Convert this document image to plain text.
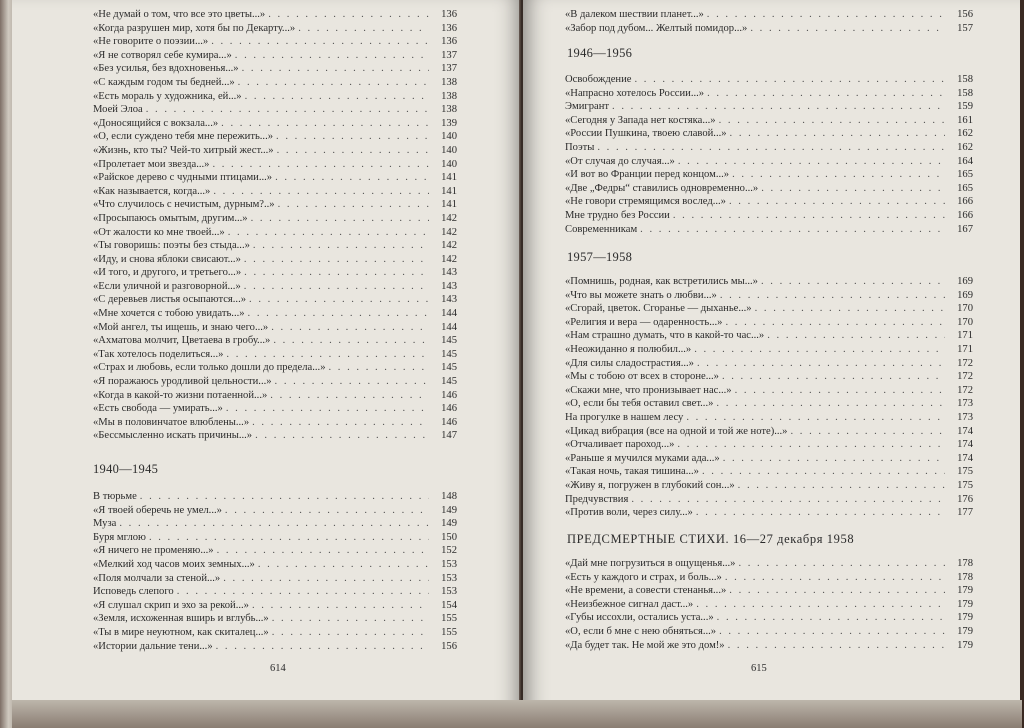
«Не думай о том, что все это цветы...» . . .	136
«Когда разрушен мир, хотя бы по Декарту...» . . .	136
«Не говорите о поэзии...» . . .	136
«Я не сотворял себе кумира...» . . .	137
«Без усилья, без вдохновенья...» . . .	137
«С каждым годом ты бедней...» . . .	138
«Есть мораль у художника, ей...» . . .	138
Моей Элоа . . .	138
«Доносящийся с вокзала...» . . .	139
«О, если суждено тебя мне пережить...» . . .	140
«Жизнь, кто ты? Чей-то хитрый жест...» . . .	140
«Пролетает мои звезда...» . . .	140
«Райское дерево с чудными птицами...» . . .	141
«Как называется, когда...» . . .	141
«Что случилось с нечистым, дурным?..» . . .	141
«Просыпаюсь омытым, другим...» . . .	142
«От жалости ко мне твоей...» . . .	142
«Ты говоришь: поэты без стыда...» . . .	142
«Иду, и снова яблоки свисают...» . . .	142
«И того, и другого, и третьего...» . . .	143
«Если уличной и разговорной...» . . .	143
«С деревьев листья осыпаются...» . . .	143
«Мне хочется с тобою увидать...» . . .	144
«Мой ангел, ты ищешь, и знаю чего...» . . .	144
«Ахматова молчит, Цветаева в гробу...» . . .	145
«Так хотелось поделиться...» . . .	145
«Страх и любовь, если только дошли до предела...» . . .	145
«Я поражаюсь уродливой цельности...» . . .	145
«Когда в какой-то жизни потаенной...» . . .	146
«Есть свобода — умирать...» . . .	146
«Мы в половинчатое влюблены...» . . .	146
«Бессмысленно искать причины...» . . .	147
1940—1945
В тюрьме . . .	148
«Я твоей оберечь не умел...» . . .	149
Муза . . .	149
Буря мглою . . .	150
«Я ничего не променяю...» . . .	152
«Мелкий ход часов моих земных...» . . .	153
«Поля молчали за стеной...» . . .	153
Исповедь слепого . . .	153
«Я слушал скрип и эхо за рекой...» . . .	154
«Земля, исхоженная вширь и вглубь...» . . .	155
«Ты в мире неуютном, как скиталец...» . . .	155
«Истории дальние тени...» . . .	156
614
«В далеком шествии планет...» . . .	156
«Забор под дубом... Желтый помидор...» . . .	157
1946—1956
Освобождение . . .	158
«Напрасно хотелось России...» . . .	158
Эмигрант . . .	159
«Сегодня у Запада нет костяка...» . . .	161
«России Пушкина, твоею славой...» . . .	162
Поэты . . .	162
«От случая до случая...» . . .	164
«И вот во Франции перед концом...» . . .	165
«Две „Федры“ ставились одновременно...» . . .	165
«Не говори стремящимся вослед...» . . .	166
Мне трудно без России . . .	166
Современникам . . .	167
1957—1958
«Помнишь, родная, как встретились мы...» . . .	169
«Что вы можете знать о любви...» . . .	169
«Сгорай, цветок. Сгоранье — дыханье...» . . .	170
«Религия и вера — одаренность...» . . .	170
«Нам страшно думать, что в какой-то час...» . . .	171
«Неожиданно я полюбил...» . . .	171
«Для силы сладострастия...» . . .	172
«Мы с тобою от всех в стороне...» . . .	172
«Скажи мне, что пронизывает нас...» . . .	172
«О, если бы тебя оставил свет...» . . .	173
На прогулке в нашем лесу . . .	173
«Цикад вибрация (все на одной и той же ноте)...» . . .	174
«Отчаливает пароход...» . . .	174
«Раньше я мучился муками ада...» . . .	174
«Такая ночь, такая тишина...» . . .	175
«Живу я, погружен в глубокий сон...» . . .	175
Предчувствия . . .	176
«Против воли, через силу...» . . .	177
ПРЕДСМЕРТНЫЕ СТИХИ. 16—27 декабря 1958
«Дай мне погрузиться в ощущенья...» . . .	178
«Есть у каждого и страх, и боль...» . . .	178
«Не времени, а совести стенанья...» . . .	179
«Неизбежное сигнал даст...» . . .	179
«Губы иссохли, остались уста...» . . .	179
«О, если б мне с нею обняться...» . . .	179
«Да будет так. Не мой же это дом!» . . .	179
615
